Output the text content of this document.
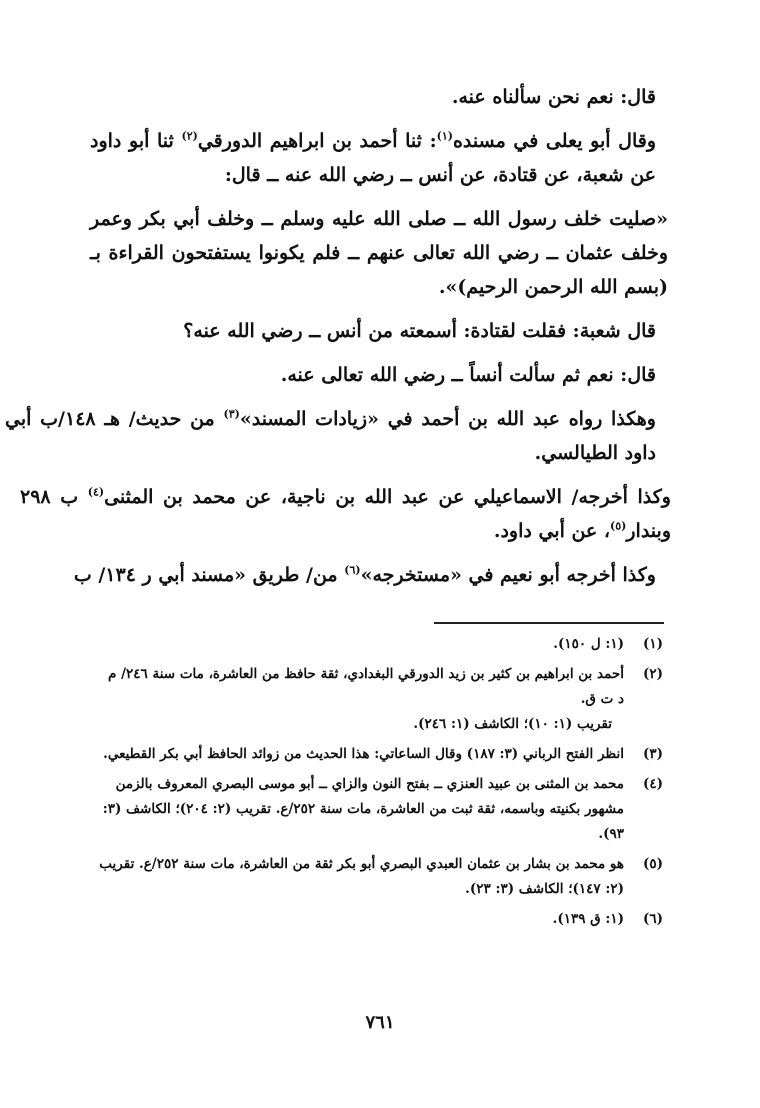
قال: نعم نحن سألناه عنه.

وقال أبو يعلى في مسنده$^{(١)}$: ثنا أحمد بن ابراهيم الدورقي$^{(٢)}$ ثنا أبو داود عن شعبة، عن قتادة، عن أنس ــ رضي الله عنه ــ قال:

«صليت خلف رسول الله ــ صلى الله عليه وسلم ــ وخلف أبي بكر وعمر وخلف عثمان ــ رضي الله تعالى عنهم ــ فلم يكونوا يستفتحون القراءة بـ (بسم الله الرحمن الرحيم)».

قال شعبة: فقلت لقتادة: أسمعته من أنس ــ رضي الله عنه؟

قال: نعم ثم سألت أنساً ــ رضي الله تعالى عنه.

وهكذا رواه عبد الله بن أحمد في «زيادات المسند»$^{(٣)}$ من حديث/ هـ ١٤٨/ب أبي داود الطيالسي.

وكذا أخرجه/ الاسماعيلي عن عبد الله بن ناجية، عن محمد بن المثنى$^{(٤)}$ ب ٢٩٨ وبندار$^{(٥)}$، عن أبي داود.

وكذا أخرجه أبو نعيم في «مستخرجه»$^{(٦)}$ من/ طريق «مسند أبي ر ١٣٤/ ب

(١)
(١: ل ١٥٠).
(٢)
أحمد بن ابراهيم بن كثير بن زيد الدورقي البغدادي، ثقة حافظ من العاشرة، مات سنة ٢٤٦/ م د ت ق.
تقريب (١: ١٠)؛ الكاشف (١: ٢٤٦).
(٣)
انظر الفتح الرباني (٣: ١٨٧) وقال الساعاتي: هذا الحديث من زوائد الحافظ أبي بكر القطيعي.
(٤)
محمد بن المثنى بن عبيد العنزي ــ بفتح النون والزاي ــ أبو موسى البصري المعروف بالزمن مشهور بكنيته وباسمه، ثقة ثبت من العاشرة، مات سنة ٢٥٢/ع. تقريب (٢: ٢٠٤)؛ الكاشف (٣: ٩٣).
(٥)
هو محمد بن بشار بن عثمان العبدي البصري أبو بكر ثقة من العاشرة، مات سنة ٢٥٢/ع. تقريب (٢: ١٤٧)؛ الكاشف (٣: ٢٣).
(٦)
(١: ق ١٣٩).
٧٦١
